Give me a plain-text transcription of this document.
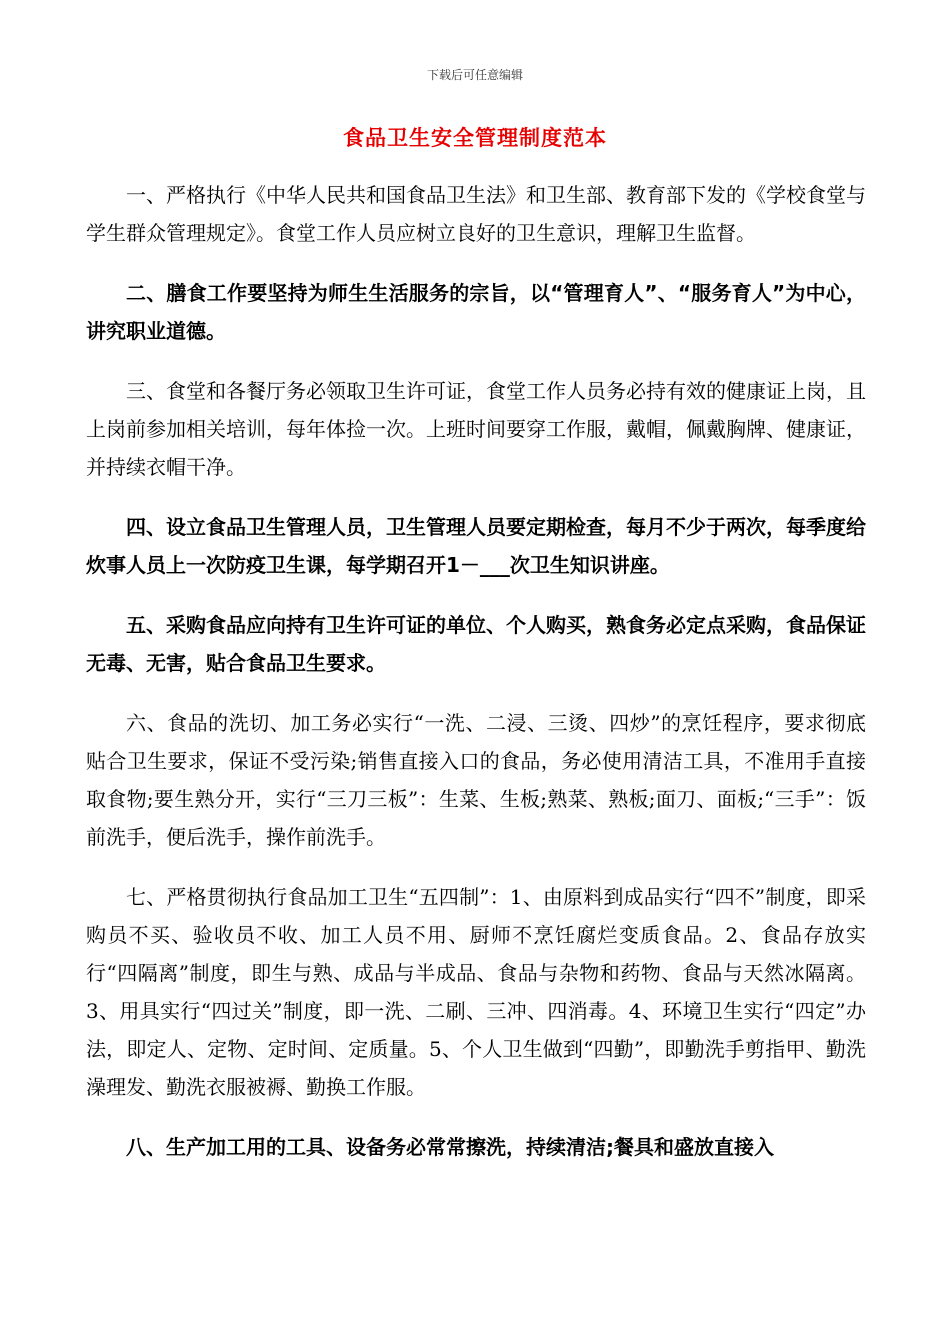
下载后可任意编辑
食品卫生安全管理制度范本

一、严格执行《中华人民共和国食品卫生法》和卫生部、教育部下发的《学校食堂与学生群众管理规定》。食堂工作人员应树立良好的卫生意识，理解卫生监督。

二、膳食工作要坚持为师生生活服务的宗旨，以“管理育人”、“服务育人”为中心，讲究职业道德。

三、食堂和各餐厅务必领取卫生许可证，食堂工作人员务必持有效的健康证上岗，且上岗前参加相关培训，每年体捡一次。上班时间要穿工作服，戴帽，佩戴胸牌、健康证，并持续衣帽干净。

四、设立食品卫生管理人员，卫生管理人员要定期检查，每月不少于两次，每季度给炊事人员上一次防疫卫生课，每学期召开1－___次卫生知识讲座。

五、采购食品应向持有卫生许可证的单位、个人购买，熟食务必定点采购，食品保证无毒、无害，贴合食品卫生要求。

六、食品的洗切、加工务必实行“一洗、二浸、三烫、四炒”的烹饪程序，要求彻底贴合卫生要求，保证不受污染;销售直接入口的食品，务必使用清洁工具，不准用手直接取食物;要生熟分开，实行“三刀三板”：生菜、生板;熟菜、熟板;面刀、面板;“三手”：饭前洗手，便后洗手，操作前洗手。

七、严格贯彻执行食品加工卫生“五四制”：1、由原料到成品实行“四不”制度，即采购员不买、验收员不收、加工人员不用、厨师不烹饪腐烂变质食品。2、食品存放实行“四隔离”制度，即生与熟、成品与半成品、食品与杂物和药物、食品与天然冰隔离。3、用具实行“四过关”制度，即一洗、二刷、三冲、四消毒。4、环境卫生实行“四定”办法，即定人、定物、定时间、定质量。5、个人卫生做到“四勤”，即勤洗手剪指甲、勤洗澡理发、勤洗衣服被褥、勤换工作服。

八、生产加工用的工具、设备务必常常擦洗，持续清洁;餐具和盛放直接入
